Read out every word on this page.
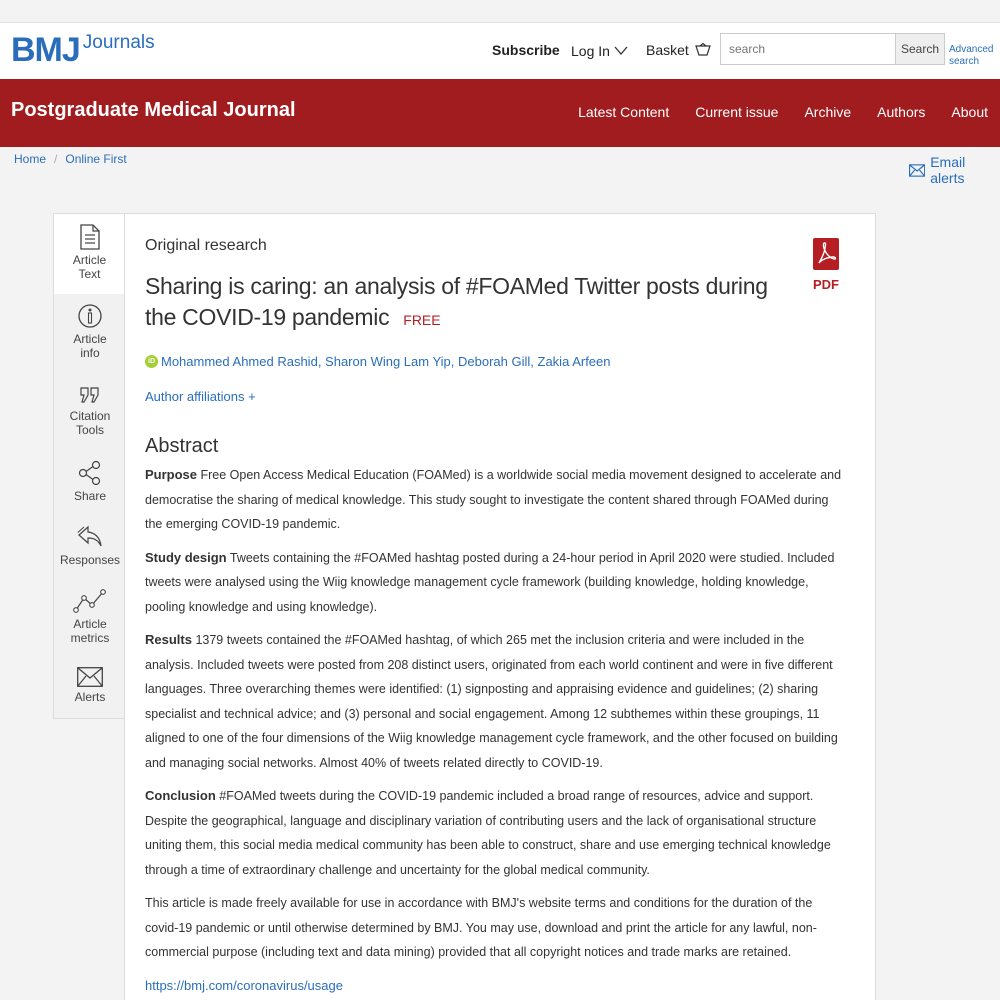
BMJ Journals	Subscribe Log In	Basket
search	Search Advanced search
Postgraduate Medical Journal	Latest Content Current issue Archive Authors About
Home / Online First	Email alerts
Article
Text
Article
info
Citation
Tools
Share
Responses
Article
metrics
Alerts
Original research
Sharing is caring: an analysis of #FOAMed Twitter posts during the COVID-19 pandemic FREE
PDF
iD Mohammed Ahmed Rashid , Sharon Wing Lam Yip , Deborah Gill , Zakia Arfeen
Author affiliations +
Abstract

Purpose Free Open Access Medical Education (FOAMed) is a worldwide social media movement designed to accelerate and democratise the sharing of medical knowledge. This study sought to investigate the content shared through FOAMed during the emerging COVID-19 pandemic.

Study design Tweets containing the #FOAMed hashtag posted during a 24-hour period in April 2020 were studied. Included tweets were analysed using the Wiig knowledge management cycle framework (building knowledge, holding knowledge, pooling knowledge and using knowledge).

Results 1379 tweets contained the #FOAMed hashtag, of which 265 met the inclusion criteria and were included in the analysis. Included tweets were posted from 208 distinct users, originated from each world continent and were in five different languages. Three overarching themes were identified: (1) signposting and appraising evidence and guidelines; (2) sharing specialist and technical advice; and (3) personal and social engagement. Among 12 subthemes within these groupings, 11 aligned to one of the four dimensions of the Wiig knowledge management cycle framework, and the other focused on building and managing social networks. Almost 40% of tweets related directly to COVID-19.

Conclusion #FOAMed tweets during the COVID-19 pandemic included a broad range of resources, advice and support. Despite the geographical, language and disciplinary variation of contributing users and the lack of organisational structure uniting them, this social media medical community has been able to construct, share and use emerging technical knowledge through a time of extraordinary challenge and uncertainty for the global medical community.

This article is made freely available for use in accordance with BMJ's website terms and conditions for the duration of the covid-19 pandemic or until otherwise determined by BMJ. You may use, download and print the article for any lawful, non-commercial purpose (including text and data mining) provided that all copyright notices and trade marks are retained.

https://bmj.com/coronavirus/usage
